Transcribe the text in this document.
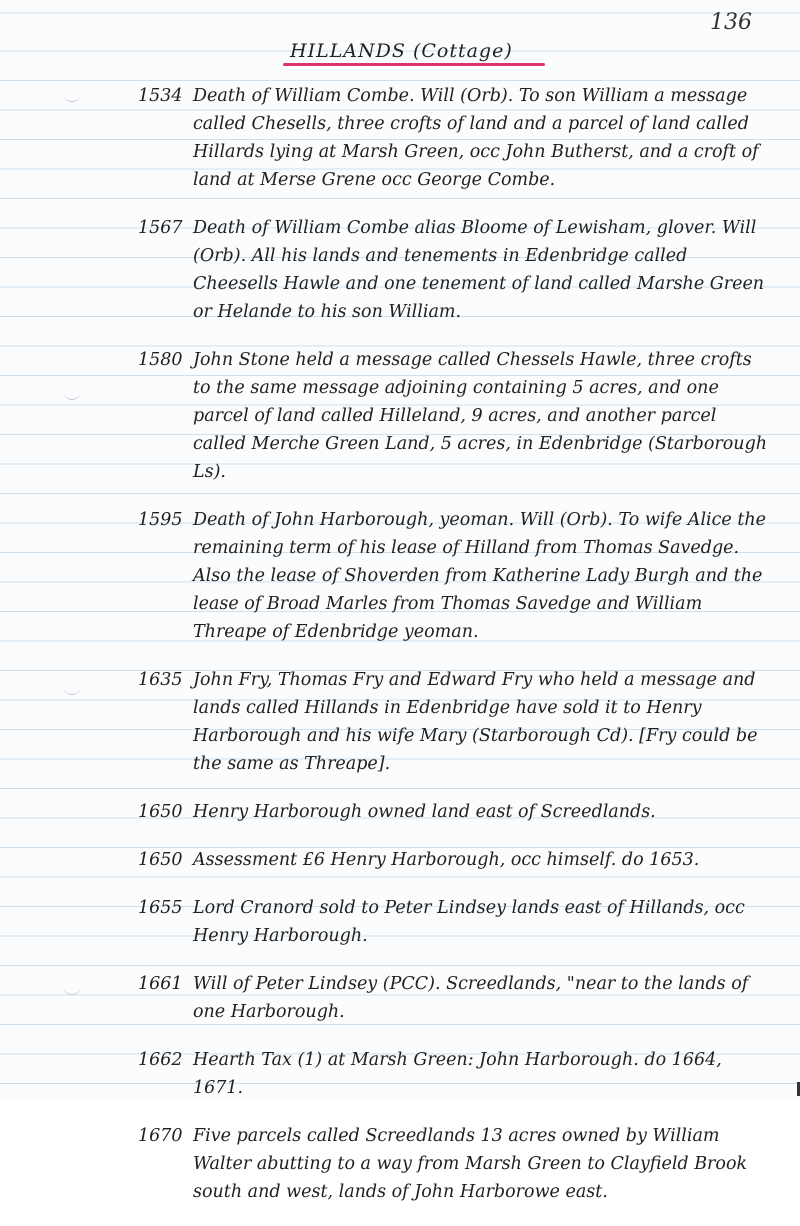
136
HILLANDS (Cottage)
1534 Death of William Combe. Will (Orb). To son William a message called Chesells, three crofts of land and a parcel of land called Hillards lying at Marsh Green, occ John Butherst, and a croft of land at Merse Grene occ George Combe.
1567 Death of William Combe alias Bloome of Lewisham, glover. Will (Orb). All his lands and tenements in Edenbridge called Cheesells Hawle and one tenement of land called Marshe Green or Helande to his son William.
1580 John Stone held a message called Chessels Hawle, three crofts to the same message adjoining containing 5 acres, and one parcel of land called Hilleland, 9 acres, and another parcel called Merche Green Land, 5 acres, in Edenbridge (Starborough Ls).
1595 Death of John Harborough, yeoman. Will (Orb). To wife Alice the remaining term of his lease of Hilland from Thomas Savedge. Also the lease of Shoverden from Katherine Lady Burgh and the lease of Broad Marles from Thomas Savedge and William Threape of Edenbridge yeoman.
1635 John Fry, Thomas Fry and Edward Fry who held a message and lands called Hillands in Edenbridge have sold it to Henry Harborough and his wife Mary (Starborough Cd). [Fry could be the same as Threape].
1650 Henry Harborough owned land east of Screedlands.
1650 Assessment £6 Henry Harborough, occ himself. do 1653.
1655 Lord Cranord sold to Peter Lindsey lands east of Hillands, occ Henry Harborough.
1661 Will of Peter Lindsey (PCC). Screedlands, "near to the lands of one Harborough.
1662 Hearth Tax (1) at Marsh Green: John Harborough. do 1664, 1671.
1670 Five parcels called Screedlands 13 acres owned by William Walter abutting to a way from Marsh Green to Clayfield Brook south and west, lands of John Harborowe east.
